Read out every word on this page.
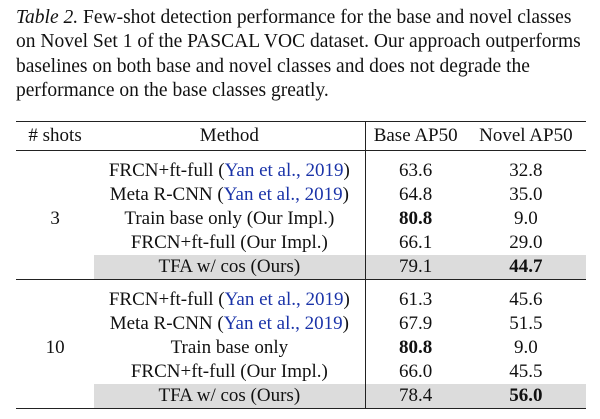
Table 2. Few-shot detection performance for the base and novel classes on Novel Set 1 of the PASCAL VOC dataset. Our approach outperforms baselines on both base and novel classes and does not degrade the performance on the base classes greatly.
# shots	Method	Base AP50	Novel AP50
	FRCN+ft-full (Yan et al., 2019)	63.6	32.8
	Meta R-CNN (Yan et al., 2019)	64.8	35.0
3	Train base only (Our Impl.)	80.8	9.0
	FRCN+ft-full (Our Impl.)	66.1	29.0
	TFA w/ cos (Ours)	79.1	44.7
	FRCN+ft-full (Yan et al., 2019)	61.3	45.6
	Meta R-CNN (Yan et al., 2019)	67.9	51.5
10	Train base only	80.8	9.0
	FRCN+ft-full (Our Impl.)	66.0	45.5
	TFA w/ cos (Ours)	78.4	56.0
